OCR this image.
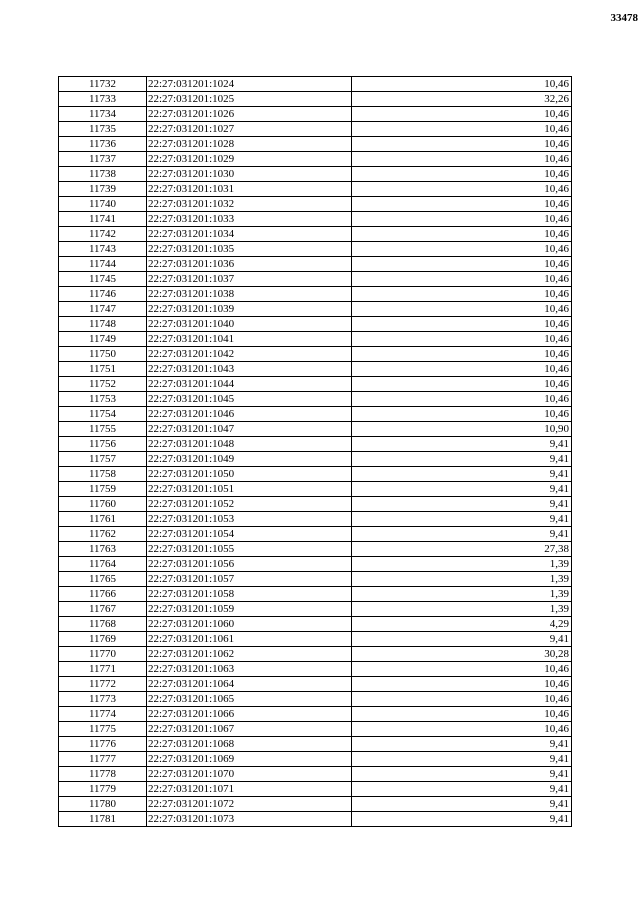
33478
11732	22:27:031201:1024	10,46
11733	22:27:031201:1025	32,26
11734	22:27:031201:1026	10,46
11735	22:27:031201:1027	10,46
11736	22:27:031201:1028	10,46
11737	22:27:031201:1029	10,46
11738	22:27:031201:1030	10,46
11739	22:27:031201:1031	10,46
11740	22:27:031201:1032	10,46
11741	22:27:031201:1033	10,46
11742	22:27:031201:1034	10,46
11743	22:27:031201:1035	10,46
11744	22:27:031201:1036	10,46
11745	22:27:031201:1037	10,46
11746	22:27:031201:1038	10,46
11747	22:27:031201:1039	10,46
11748	22:27:031201:1040	10,46
11749	22:27:031201:1041	10,46
11750	22:27:031201:1042	10,46
11751	22:27:031201:1043	10,46
11752	22:27:031201:1044	10,46
11753	22:27:031201:1045	10,46
11754	22:27:031201:1046	10,46
11755	22:27:031201:1047	10,90
11756	22:27:031201:1048	9,41
11757	22:27:031201:1049	9,41
11758	22:27:031201:1050	9,41
11759	22:27:031201:1051	9,41
11760	22:27:031201:1052	9,41
11761	22:27:031201:1053	9,41
11762	22:27:031201:1054	9,41
11763	22:27:031201:1055	27,38
11764	22:27:031201:1056	1,39
11765	22:27:031201:1057	1,39
11766	22:27:031201:1058	1,39
11767	22:27:031201:1059	1,39
11768	22:27:031201:1060	4,29
11769	22:27:031201:1061	9,41
11770	22:27:031201:1062	30,28
11771	22:27:031201:1063	10,46
11772	22:27:031201:1064	10,46
11773	22:27:031201:1065	10,46
11774	22:27:031201:1066	10,46
11775	22:27:031201:1067	10,46
11776	22:27:031201:1068	9,41
11777	22:27:031201:1069	9,41
11778	22:27:031201:1070	9,41
11779	22:27:031201:1071	9,41
11780	22:27:031201:1072	9,41
11781	22:27:031201:1073	9,41
